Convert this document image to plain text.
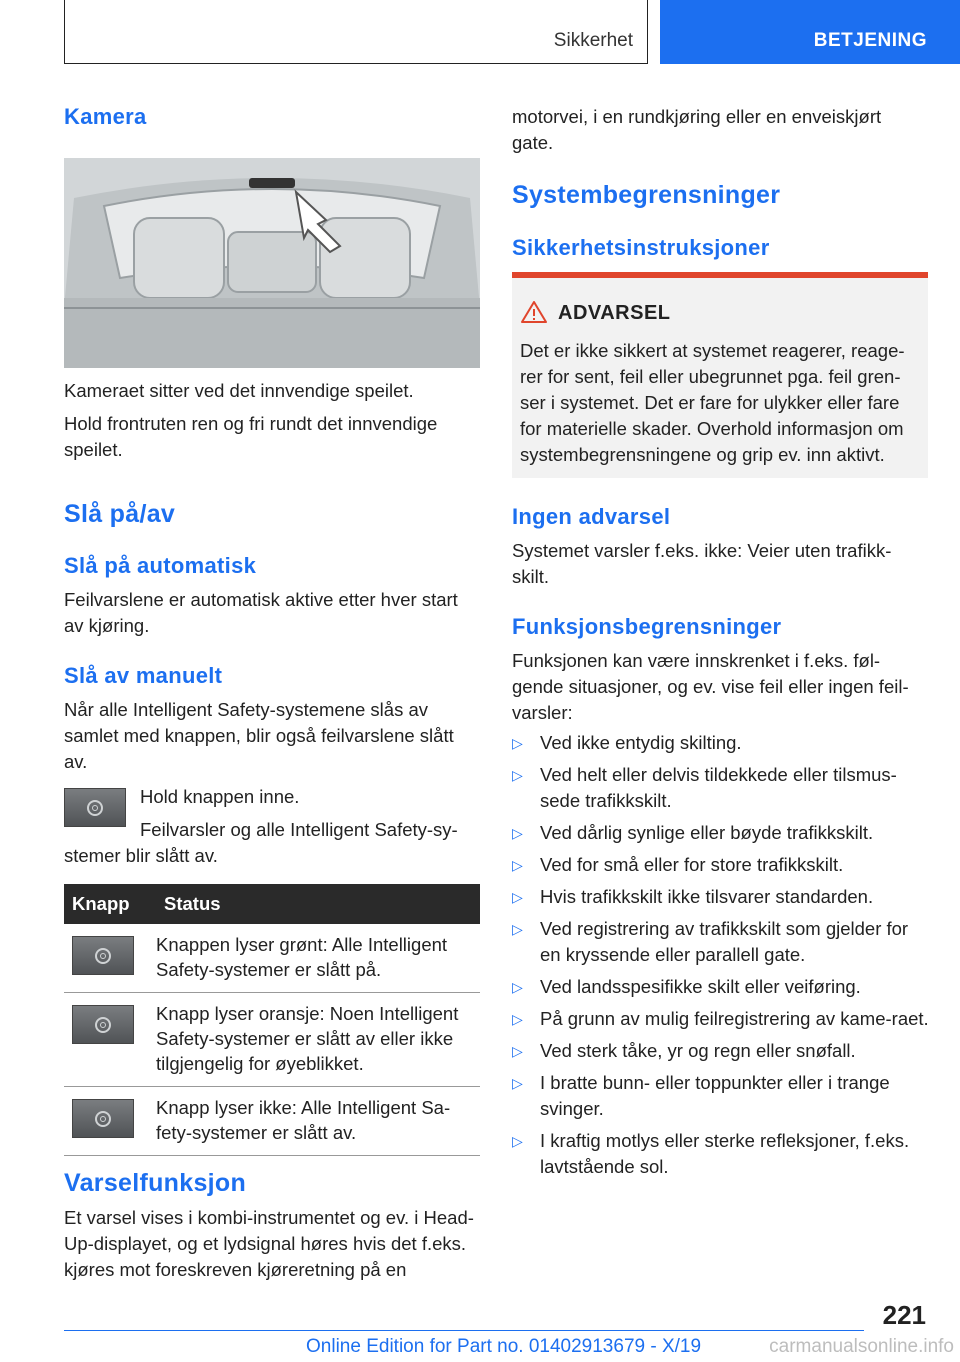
Sikkerhet	BETJENING
Kamera

Kameraet sitter ved det innvendige speilet.

Hold frontruten ren og fri rundt det innvendige speilet.

Slå på/av
Slå på automatisk

Feilvarslene er automatisk aktive etter hver start av kjøring.

Slå av manuelt

Når alle Intelligent Safety-systemene slås av samlet med knappen, blir også feilvarslene slått av.

Hold knappen inne.

Feilvarsler og alle Intelligent Safety-sy-

stemer blir slått av.

Knapp	Status

	Knappen lyser grønt: Alle Intelligent Safety-systemer er slått på.

	Knapp lyser oransje: Noen Intelligent Safety-systemer er slått av eller ikke tilgjengelig for øyeblikket.

	Knapp lyser ikke: Alle Intelligent Sa-fety-systemer er slått av.
Varselfunksjon

Et varsel vises i kombi-instrumentet og ev. i Head-Up-displayet, og et lydsignal høres hvis det f.eks. kjøres mot foreskreven kjøreretning på en

motorvei, i en rundkjøring eller en enveiskjørt gate.

Systembegrensninger
Sikkerhetsinstruksjoner
ADVARSEL
Det er ikke sikkert at systemet reagerer, reage-rer for sent, feil eller ubegrunnet pga. feil gren-ser i systemet. Det er fare for ulykker eller fare for materielle skader. Overhold informasjon om systembegrensningene og grip ev. inn aktivt.
Ingen advarsel

Systemet varsler f.eks. ikke: Veier uten trafikk-skilt.

Funksjonsbegrensninger

Funksjonen kan være innskrenket i f.eks. føl-gende situasjoner, og ev. vise feil eller ingen feil-varsler:

▷ Ved ikke entydig skilting.
▷ Ved helt eller delvis tildekkede eller tilsmus-sede trafikkskilt.
▷ Ved dårlig synlige eller bøyde trafikkskilt.
▷ Ved for små eller for store trafikkskilt.
▷ Hvis trafikkskilt ikke tilsvarer standarden.
▷ Ved registrering av trafikkskilt som gjelder for en kryssende eller parallell gate.
▷ Ved landsspesifikke skilt eller veiføring.
▷ På grunn av mulig feilregistrering av kame-raet.
▷ Ved sterk tåke, yr og regn eller snøfall.
▷ I bratte bunn- eller toppunkter eller i trange svinger.
▷ I kraftig motlys eller sterke refleksjoner, f.eks. lavtstående sol.
221
Online Edition for Part no. 01402913679 - X/19	carmanualsonline.info
